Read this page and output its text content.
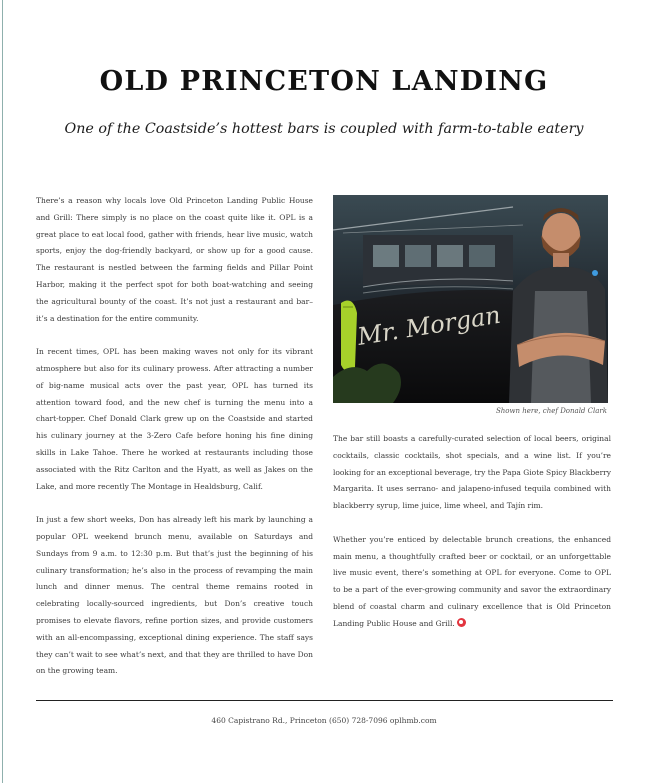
OLD PRINCETON LANDING
One of the Coastside’s hottest bars is coupled with farm-to-table eatery

There’s a reason why locals love Old Princeton Landing Public House and Grill: There simply is no place on the coast quite like it. OPL is a great place to eat local food, gather with friends, hear live music, watch sports, enjoy the dog-friendly backyard, or show up for a good cause. The restaurant is nestled between the farming fields and Pillar Point Harbor, making it the perfect spot for both boat-watching and seeing the agricultural bounty of the coast. It’s not just a restaurant and bar– it’s a destination for the entire community.

In recent times, OPL has been making waves not only for its vibrant atmosphere but also for its culinary prowess. After attracting a number of big-name musical acts over the past year, OPL has turned its attention toward food, and the new chef is turning the menu into a chart-topper. Chef Donald Clark grew up on the Coastside and started his culinary journey at the 3-Zero Cafe before honing his fine dining skills in Lake Tahoe. There he worked at restaurants including those associated with the Ritz Carlton and the Hyatt, as well as Jakes on the Lake, and more recently The Montage in Healdsburg, Calif.

In just a few short weeks, Don has already left his mark by launching a popular OPL weekend brunch menu, available on Saturdays and Sundays from 9 a.m. to 12:30 p.m. But that’s just the beginning of his culinary transformation; he’s also in the process of revamping the main lunch and dinner menus. The central theme remains rooted in celebrating locally-sourced ingredients, but Don’s creative touch promises to elevate flavors, refine portion sizes, and provide customers with an all-encompassing, exceptional dining experience. The staff says they can’t wait to see what’s next, and that they are thrilled to have Don on the growing team.

Mr. Morgan
Shown here, chef Donald Clark

The bar still boasts a carefully-curated selection of local beers, original cocktails, classic cocktails, shot specials, and a wine list. If you’re looking for an exceptional beverage, try the Papa Giote Spicy Blackberry Margarita. It uses serrano- and jalapeno-infused tequila combined with blackberry syrup, lime juice, lime wheel, and Tajín rim.

Whether you’re enticed by delectable brunch creations, the enhanced main menu, a thoughtfully crafted beer or cocktail, or an unforgettable live music event, there’s something at OPL for everyone. Come to OPL to be a part of the ever-growing community and savor the extraordinary blend of coastal charm and culinary excellence that is Old Princeton Landing Public House and Grill.

460 Capistrano Rd., Princeton (650) 728-7096 oplhmb.com
